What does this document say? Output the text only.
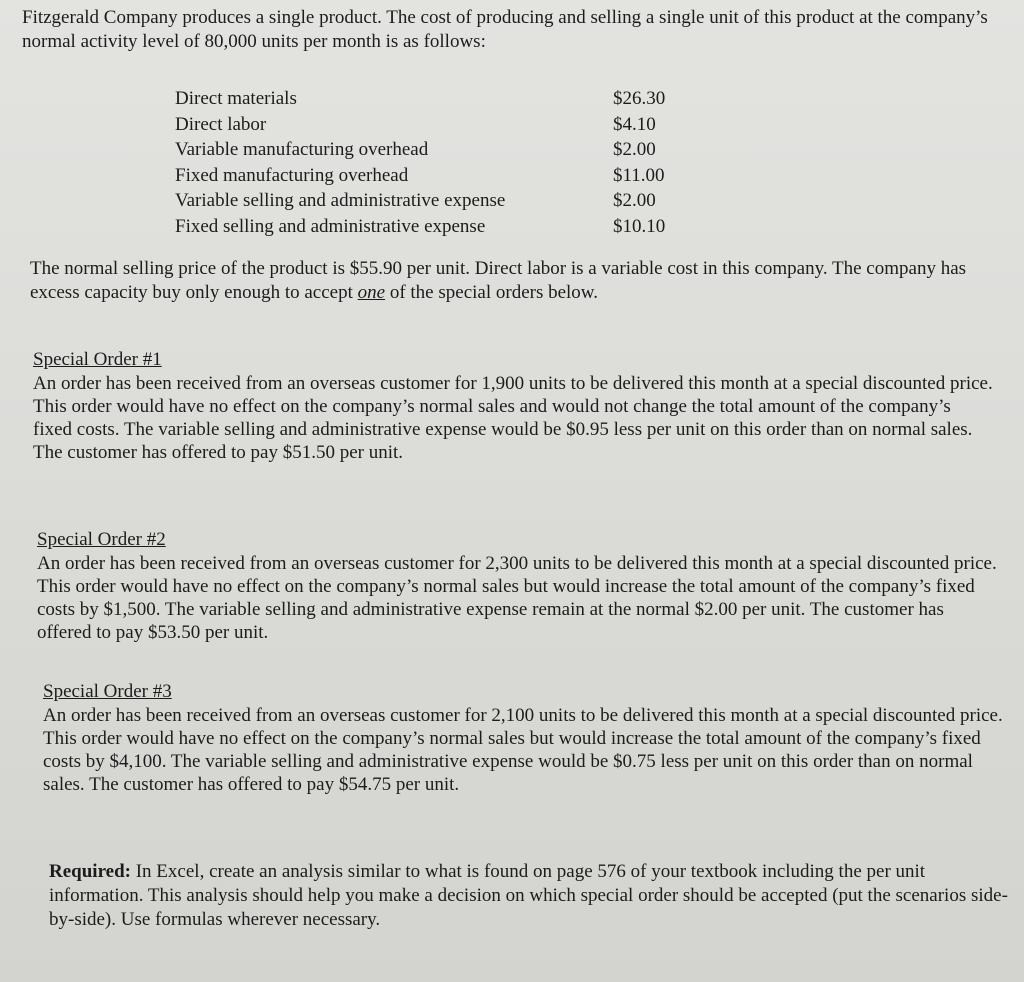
Fitzgerald Company produces a single product. The cost of producing and selling a single unit of this product at the company’s normal activity level of 80,000 units per month is as follows:

Direct materials	$26.30
Direct labor	$4.10
Variable manufacturing overhead	$2.00
Fixed manufacturing overhead	$11.00
Variable selling and administrative expense	$2.00
Fixed selling and administrative expense	$10.10

The normal selling price of the product is $55.90 per unit. Direct labor is a variable cost in this company. The company has excess capacity buy only enough to accept one of the special orders below.

Special Order #1

An order has been received from an overseas customer for 1,900 units to be delivered this month at a special discounted price. This order would have no effect on the company’s normal sales and would not change the total amount of the company’s fixed costs. The variable selling and administrative expense would be $0.95 less per unit on this order than on normal sales. The customer has offered to pay $51.50 per unit.

Special Order #2

An order has been received from an overseas customer for 2,300 units to be delivered this month at a special discounted price. This order would have no effect on the company’s normal sales but would increase the total amount of the company’s fixed costs by $1,500. The variable selling and administrative expense remain at the normal $2.00 per unit. The customer has offered to pay $53.50 per unit.

Special Order #3

An order has been received from an overseas customer for 2,100 units to be delivered this month at a special discounted price. This order would have no effect on the company’s normal sales but would increase the total amount of the company’s fixed costs by $4,100. The variable selling and administrative expense would be $0.75 less per unit on this order than on normal sales. The customer has offered to pay $54.75 per unit.

Required: In Excel, create an analysis similar to what is found on page 576 of your textbook including the per unit information. This analysis should help you make a decision on which special order should be accepted (put the scenarios side-by-side). Use formulas wherever necessary.
